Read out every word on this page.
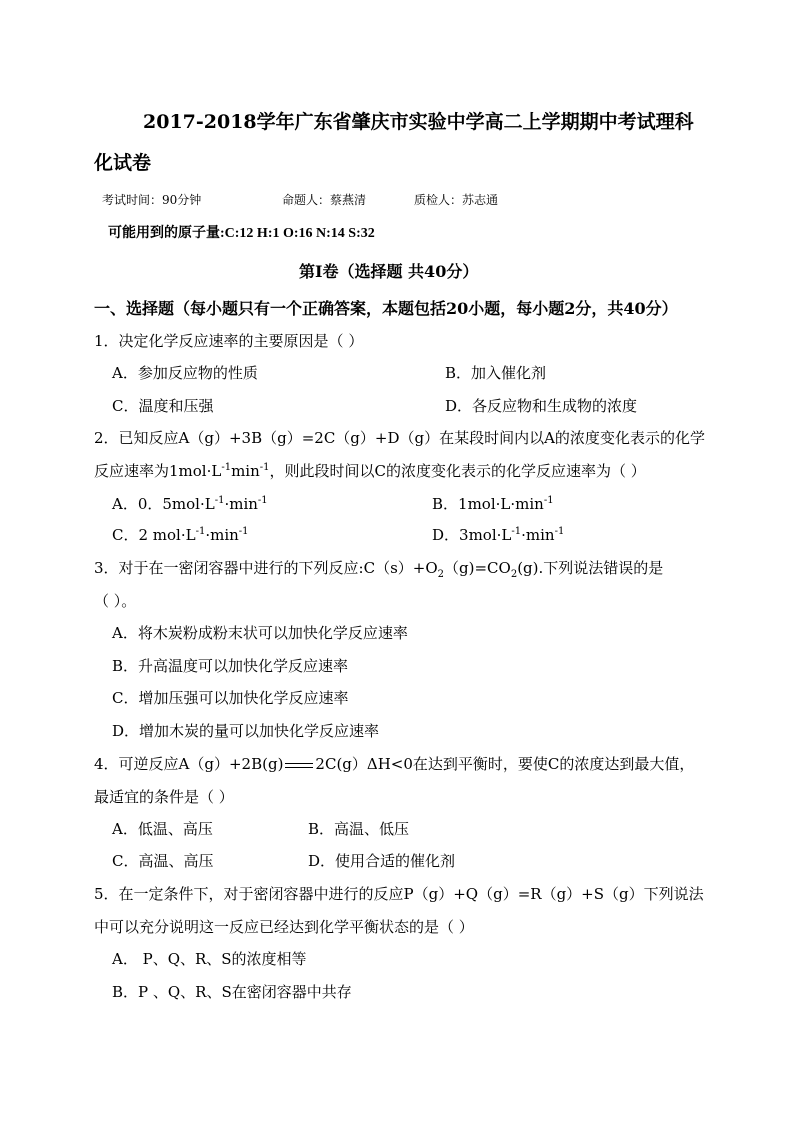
2017-2018学年广东省肇庆市实验中学高二上学期期中考试理科
化试卷
考试时间：90分钟	命题人：蔡燕清	质检人：苏志通
可能用到的原子量:C:12 H:1 O:16 N:14 S:32
第I卷（选择题 共40分）
一、选择题（每小题只有一个正确答案，本题包括20小题，每小题2分，共40分）
1．决定化学反应速率的主要原因是（ ）
A．参加反应物的性质	B．加入催化剂
C．温度和压强	D．各反应物和生成物的浓度
2．已知反应A（g）+3B（g）=2C（g）+D（g）在某段时间内以A的浓度变化表示的化学
反应速率为$1mol\cdot L^{-1}\min^{-1}$，则此段时间以C的浓度变化表示的化学反应速率为（ ）
A．0．$5mol\cdot L^{-1}\cdot\min^{-1}$	B．$1mol\cdot L\cdot\min^{-1}$
C．2 $mol\cdot L^{-1}\cdot\min^{-1}$	D．$3mol\cdot L^{-1}\cdot\min^{-1}$
3．对于在一密闭容器中进行的下列反应$:C(s)+O_2(g)=CO_2(g)$.下列说法错误的是
（ ）。
A．将木炭粉成粉末状可以加快化学反应速率
B．升高温度可以加快化学反应速率
C．增加压强可以加快化学反应速率
D．增加木炭的量可以加快化学反应速率
4．可逆反应A（g）+2B(g) 2C(g）ΔH<0在达到平衡时，要使C的浓度达到最大值，
最适宜的条件是（ ）
A．低温、高压	B．高温、低压
C．高温、高压	D．使用合适的催化剂
5．在一定条件下，对于密闭容器中进行的反应P（g）+Q（g）=R（g）+S（g）下列说法
中可以充分说明这一反应已经达到化学平衡状态的是（ ）
A． P、Q、R、S的浓度相等
B．P 、Q、R、S在密闭容器中共存
